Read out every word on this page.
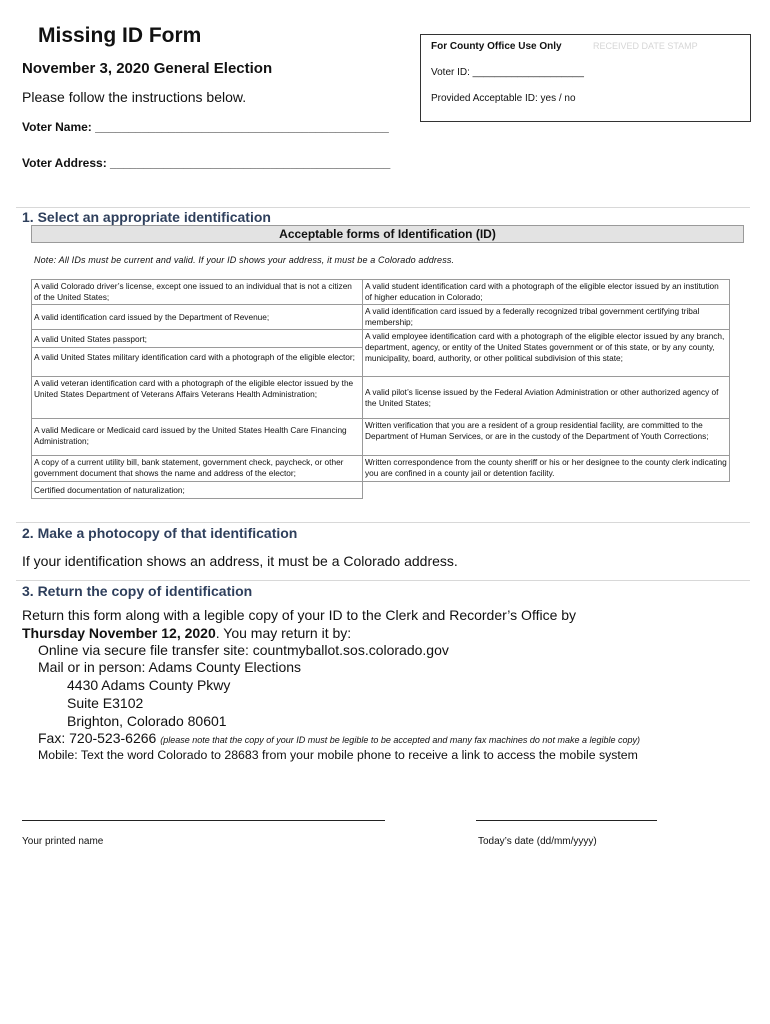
Missing ID Form
November 3, 2020 General Election
Please follow the instructions below.
Voter Name: ____________________________________________
Voter Address: __________________________________________
For County Office Use Only	RECEIVED DATE STAMP
Voter ID: ____________________
Provided Acceptable ID: yes / no
1. Select an appropriate identification
Acceptable forms of Identification (ID)
Note: All IDs must be current and valid. If your ID shows your address, it must be a Colorado address.
A valid Colorado driver’s license, except one issued to an individual that is not a citizen of the United States;
A valid identification card issued by the Department of Revenue;
A valid United States passport;
A valid United States military identification card with a photograph of the eligible elector;
A valid veteran identification card with a photograph of the eligible elector issued by the United States Department of Veterans Affairs Veterans Health Administration;
A valid Medicare or Medicaid card issued by the United States Health Care Financing Administration;
A copy of a current utility bill, bank statement, government check, paycheck, or other government document that shows the name and address of the elector;
Certified documentation of naturalization;
A valid student identification card with a photograph of the eligible elector issued by an institution of higher education in Colorado;
A valid identification card issued by a federally recognized tribal government certifying tribal membership;
A valid employee identification card with a photograph of the eligible elector issued by any branch, department, agency, or entity of the United States government or of this state, or by any county, municipality, board, authority, or other political subdivision of this state;
A valid pilot’s license issued by the Federal Aviation Administration or other authorized agency of the United States;
Written verification that you are a resident of a group residential facility, are committed to the Department of Human Services, or are in the custody of the Department of Youth Corrections;
Written correspondence from the county sheriff or his or her designee to the county clerk indicating you are confined in a county jail or detention facility.
2. Make a photocopy of that identification
If your identification shows an address, it must be a Colorado address.
3. Return the copy of identification
Return this form along with a legible copy of your ID to the Clerk and Recorder’s Office by
Thursday November 12, 2020. You may return it by:
Online via secure file transfer site: countmyballot.sos.colorado.gov
Mail or in person: Adams County Elections
4430 Adams County Pkwy
Suite E3102
Brighton, Colorado 80601
Fax: 720-523-6266 (please note that the copy of your ID must be legible to be accepted and many fax machines do not make a legible copy)
Mobile: Text the word Colorado to 28683 from your mobile phone to receive a link to access the mobile system
Your printed name	Today’s date (dd/mm/yyyy)
